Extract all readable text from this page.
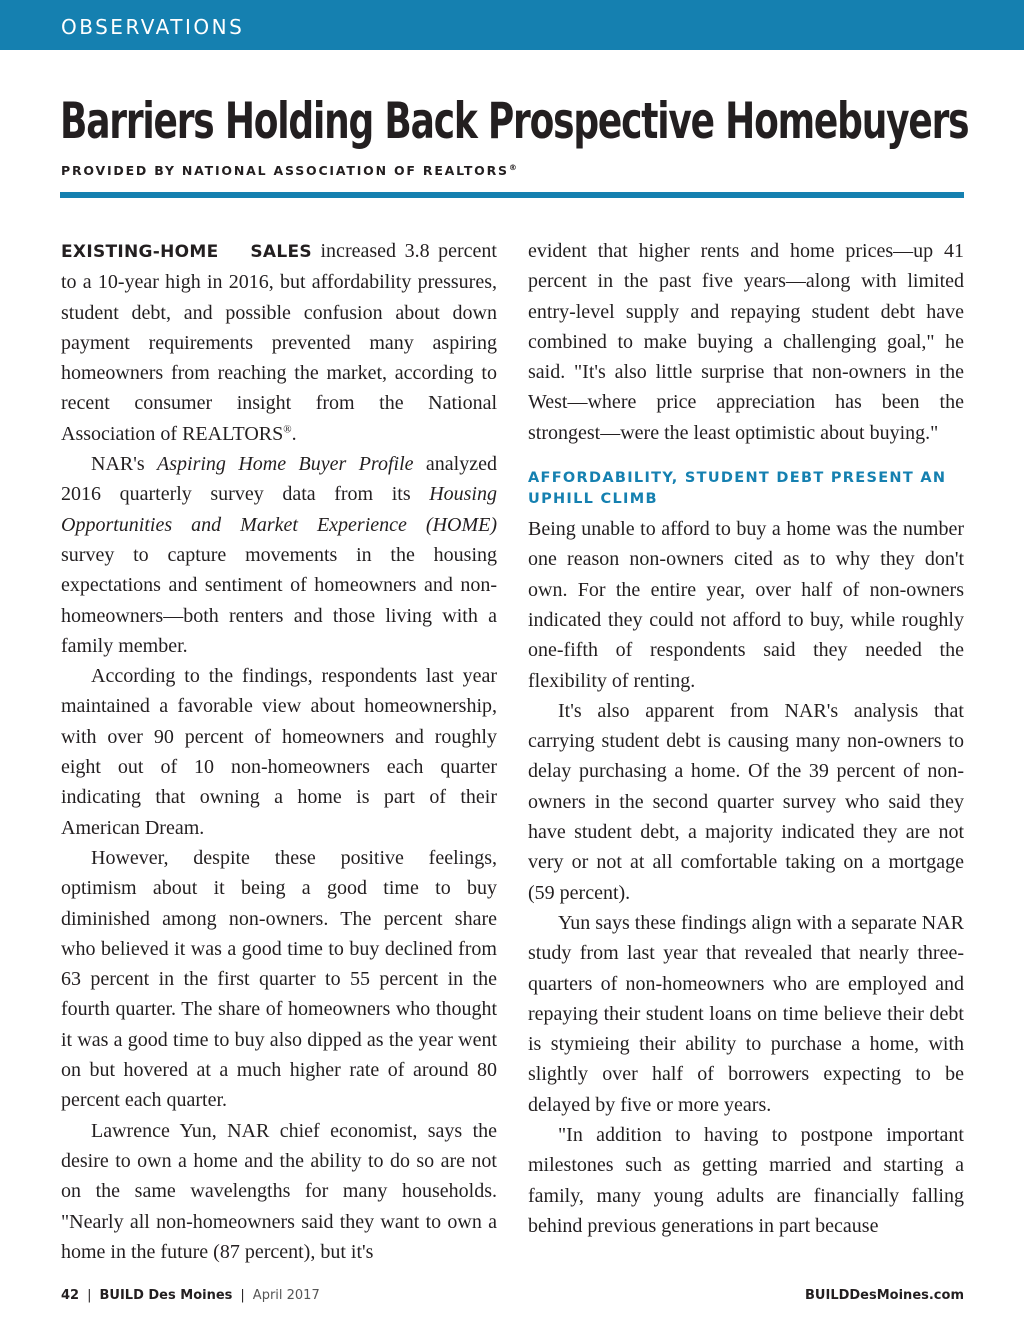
OBSERVATIONS
Barriers Holding Back Prospective Homebuyers
PROVIDED BY NATIONAL ASSOCIATION OF REALTORS®

EXISTING-HOME SALES increased 3.8 percent to a 10-year high in 2016, but affordability pressures, student debt, and possible confusion about down payment requirements prevented many aspiring homeowners from reaching the market, according to recent consumer insight from the National Association of REALTORS®.

NAR's Aspiring Home Buyer Profile analyzed 2016 quarterly survey data from its Housing Opportunities and Market Experience (HOME) survey to capture movements in the housing expectations and sentiment of homeowners and non-homeowners—both renters and those living with a family member.

According to the findings, respondents last year maintained a favorable view about homeownership, with over 90 percent of homeowners and roughly eight out of 10 non-homeowners each quarter indicating that owning a home is part of their American Dream.

However, despite these positive feelings, optimism about it being a good time to buy diminished among non-owners. The percent share who believed it was a good time to buy declined from 63 percent in the first quarter to 55 percent in the fourth quarter. The share of homeowners who thought it was a good time to buy also dipped as the year went on but hovered at a much higher rate of around 80 percent each quarter.

Lawrence Yun, NAR chief economist, says the desire to own a home and the ability to do so are not on the same wavelengths for many households. "Nearly all non-homeowners said they want to own a home in the future (87 percent), but it's

evident that higher rents and home prices—up 41 percent in the past five years—along with limited entry-level supply and repaying student debt have combined to make buying a challenging goal," he said. "It's also little surprise that non-owners in the West—where price appreciation has been the strongest—were the least optimistic about buying."

AFFORDABILITY, STUDENT DEBT PRESENT AN UPHILL CLIMB

Being unable to afford to buy a home was the number one reason non-owners cited as to why they don't own. For the entire year, over half of non-owners indicated they could not afford to buy, while roughly one-fifth of respondents said they needed the flexibility of renting.

It's also apparent from NAR's analysis that carrying student debt is causing many non-owners to delay purchasing a home. Of the 39 percent of non-owners in the second quarter survey who said they have student debt, a majority indicated they are not very or not at all comfortable taking on a mortgage (59 percent).

Yun says these findings align with a separate NAR study from last year that revealed that nearly three-quarters of non-homeowners who are employed and repaying their student loans on time believe their debt is stymieing their ability to purchase a home, with slightly over half of borrowers expecting to be delayed by five or more years.

"In addition to having to postpone important milestones such as getting married and starting a family, many young adults are financially falling behind previous generations in part because

42 | BUILD Des Moines | April 2017	BUILDDesMoines.com
